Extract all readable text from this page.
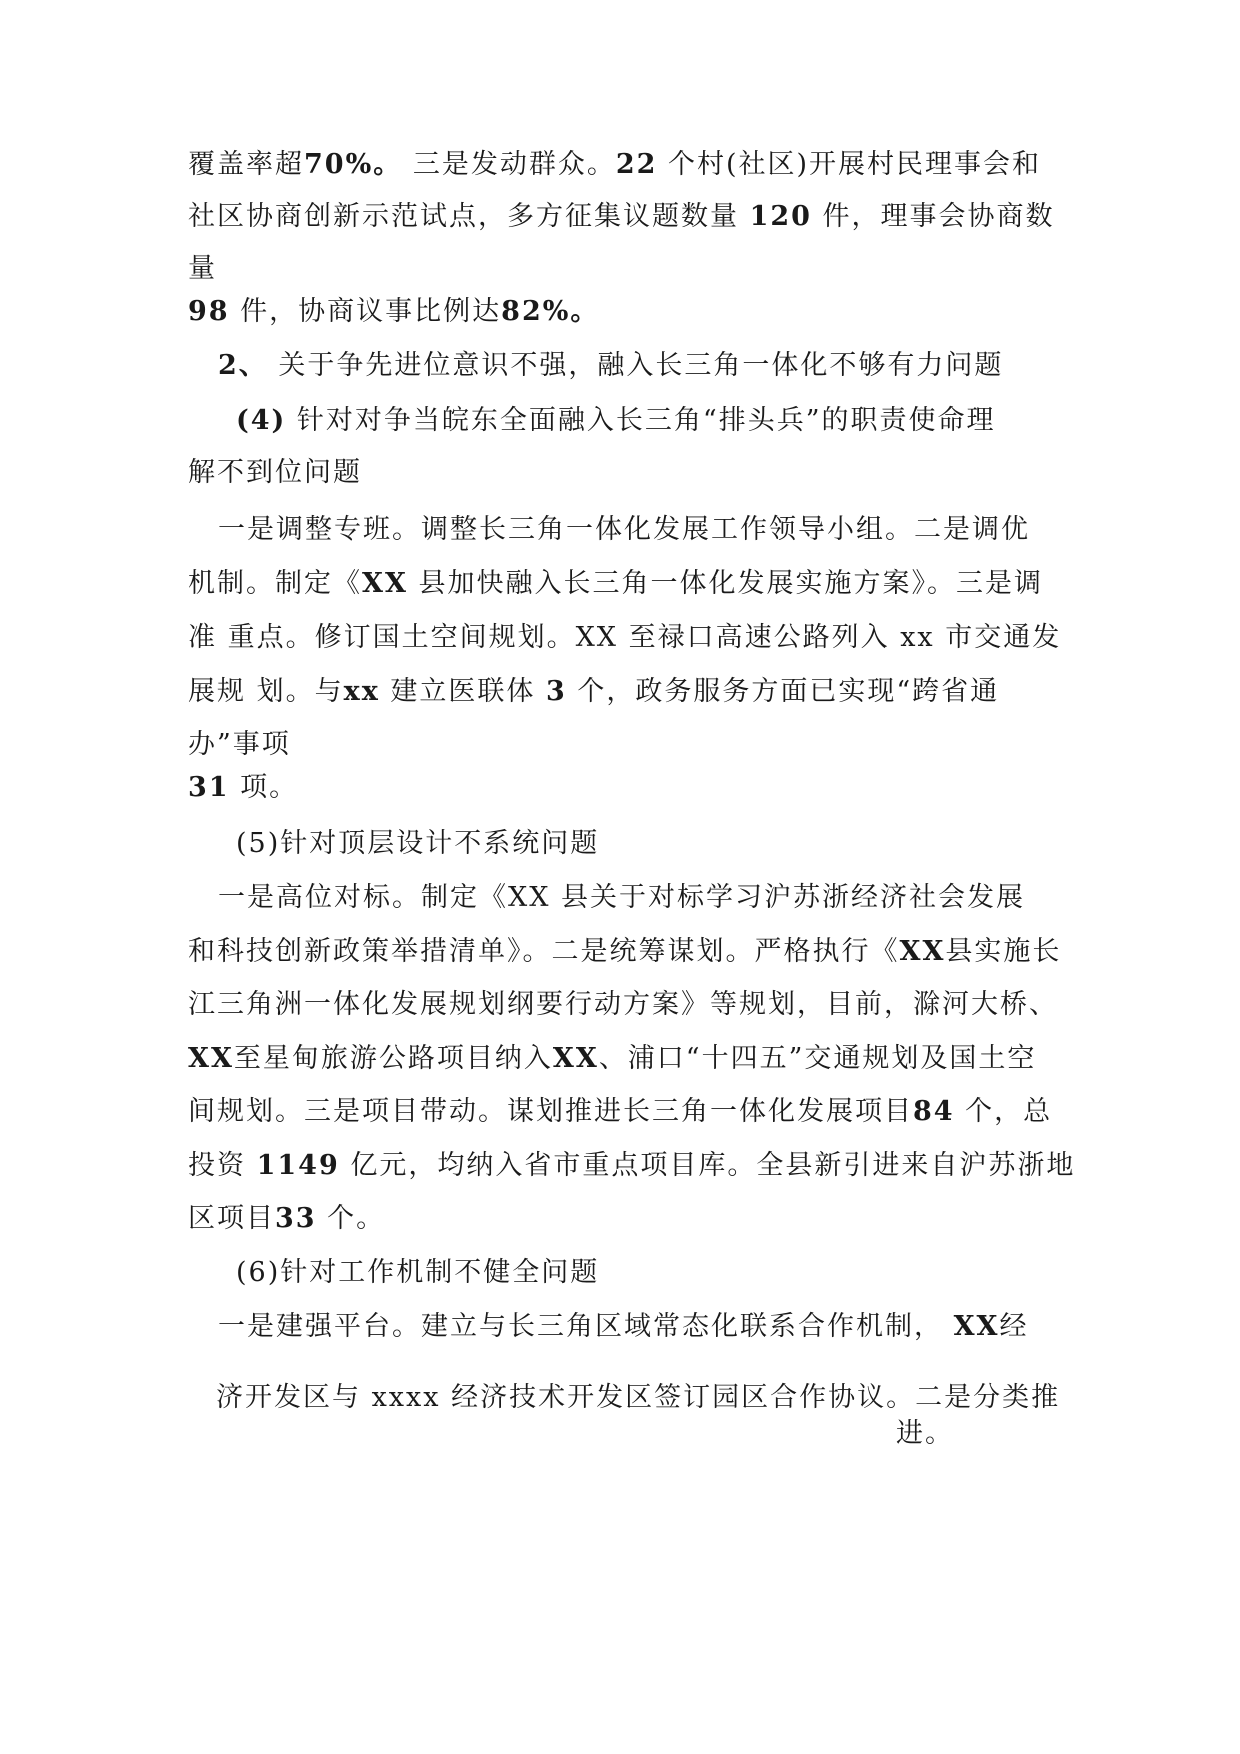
覆盖率超70%。 三是发动群众。22 个村(社区)开展村民理事会和
社区协商创新示范试点，多方征集议题数量 120 件，理事会协商数
量
98 件，协商议事比例达82%。
2、 关于争先进位意识不强，融入长三角一体化不够有力问题
(4) 针对对争当皖东全面融入长三角“排头兵”的职责使命理
解不到位问题
一是调整专班。调整长三角一体化发展工作领导小组。二是调优
机制。制定《XX 县加快融入长三角一体化发展实施方案》。三是调
准 重点。修订国土空间规划。XX 至禄口高速公路列入 xx 市交通发
展规 划。与xx 建立医联体 3 个，政务服务方面已实现“跨省通
办”事项
31 项。
(5)针对顶层设计不系统问题
一是高位对标。制定《XX 县关于对标学习沪苏浙经济社会发展
和科技创新政策举措清单》。二是统筹谋划。严格执行《XX县实施长
江三角洲一体化发展规划纲要行动方案》等规划，目前，滁河大桥、
XX至星甸旅游公路项目纳入XX、浦口“十四五”交通规划及国土空
间规划。三是项目带动。谋划推进长三角一体化发展项目84 个，总
投资 1149 亿元，均纳入省市重点项目库。全县新引进来自沪苏浙地
区项目33 个。
(6)针对工作机制不健全问题
一是建强平台。建立与长三角区域常态化联系合作机制， XX经
济开发区与 xxxx 经济技术开发区签订园区合作协议。二是分类推
进。
